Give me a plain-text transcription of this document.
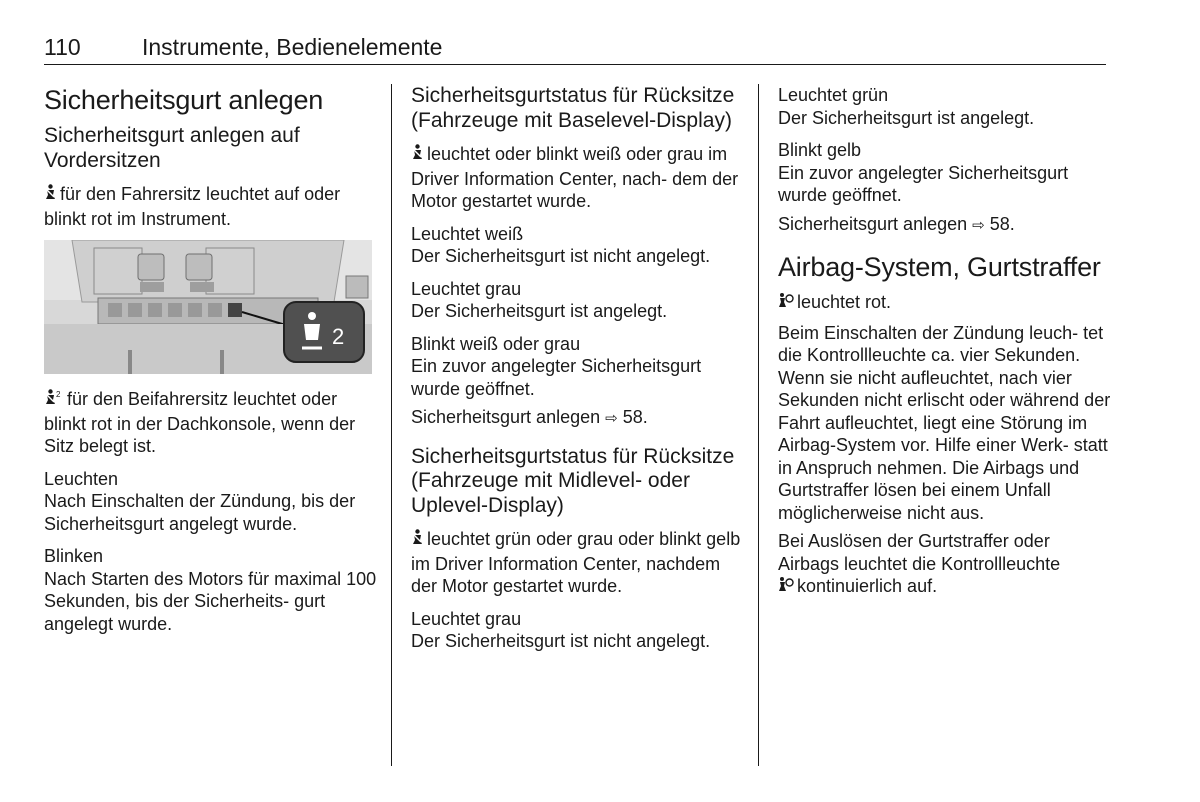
110	Instrumente, Bedienelemente
Sicherheitsgurt anlegen
Sicherheitsgurt anlegen auf Vordersitzen

für den Fahrersitz leuchtet auf oder blinkt rot im Instrument.

2

2 für den Beifahrersitz leuchtet oder blinkt rot in der Dachkonsole, wenn der Sitz belegt ist.

Leuchten

Nach Einschalten der Zündung, bis der Sicherheitsgurt angelegt wurde.

Blinken

Nach Starten des Motors für maximal 100 Sekunden, bis der Sicherheits- gurt angelegt wurde.

Sicherheitsgurtstatus für Rücksitze (Fahrzeuge mit Baselevel-Display)

leuchtet oder blinkt weiß oder grau im Driver Information Center, nach- dem der Motor gestartet wurde.

Leuchtet weiß

Der Sicherheitsgurt ist nicht angelegt.

Leuchtet grau

Der Sicherheitsgurt ist angelegt.

Blinkt weiß oder grau

Ein zuvor angelegter Sicherheitsgurt wurde geöffnet.

Sicherheitsgurt anlegen ⇨ 58.

Sicherheitsgurtstatus für Rücksitze (Fahrzeuge mit Midlevel- oder Uplevel-Display)

leuchtet grün oder grau oder blinkt gelb im Driver Information Center, nachdem der Motor gestartet wurde.

Leuchtet grau

Der Sicherheitsgurt ist nicht angelegt.

Leuchtet grün

Der Sicherheitsgurt ist angelegt.

Blinkt gelb

Ein zuvor angelegter Sicherheitsgurt wurde geöffnet.

Sicherheitsgurt anlegen ⇨ 58.

Airbag-System, Gurtstraffer

leuchtet rot.

Beim Einschalten der Zündung leuch- tet die Kontrollleuchte ca. vier Sekunden. Wenn sie nicht aufleuchtet, nach vier Sekunden nicht erlischt oder während der Fahrt aufleuchtet, liegt eine Störung im Airbag-System vor. Hilfe einer Werk- statt in Anspruch nehmen. Die Airbags und Gurtstraffer lösen bei einem Unfall möglicherweise nicht aus.

Bei Auslösen der Gurtstraffer oder Airbags leuchtet die Kontrollleuchte
kontinuierlich auf.
